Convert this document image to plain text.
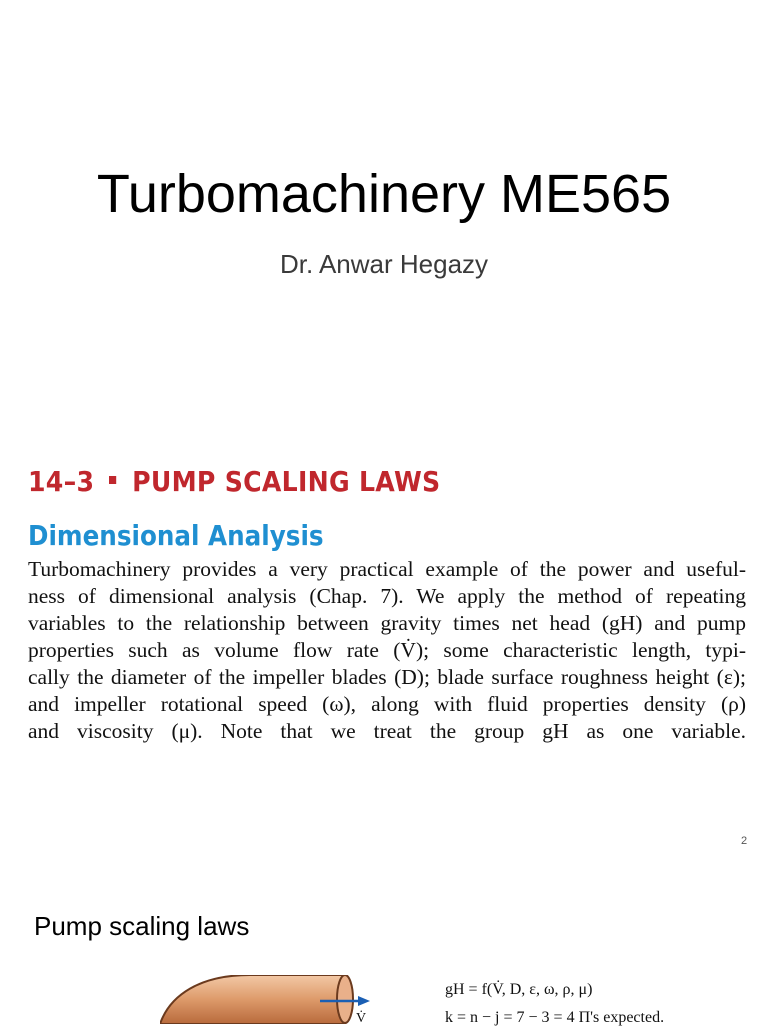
Turbomachinery ME565
Dr. Anwar Hegazy
14–3 PUMP SCALING LAWS
Dimensional Analysis
Turbomachinery provides a very practical example of the power and useful-
ness of dimensional analysis (Chap. 7). We apply the method of repeating
variables to the relationship between gravity times net head (gH) and pump
properties such as volume flow rate (V̇); some characteristic length, typi-
cally the diameter of the impeller blades (D); blade surface roughness height (ε);
and impeller rotational speed (ω), along with fluid properties density (ρ)
and viscosity (μ). Note that we treat the group gH as one variable.
2
Pump scaling laws
V̇
gH = f(V̇, D, ε, ω, ρ, μ)
k = n − j = 7 − 3 = 4 Π's expected.
